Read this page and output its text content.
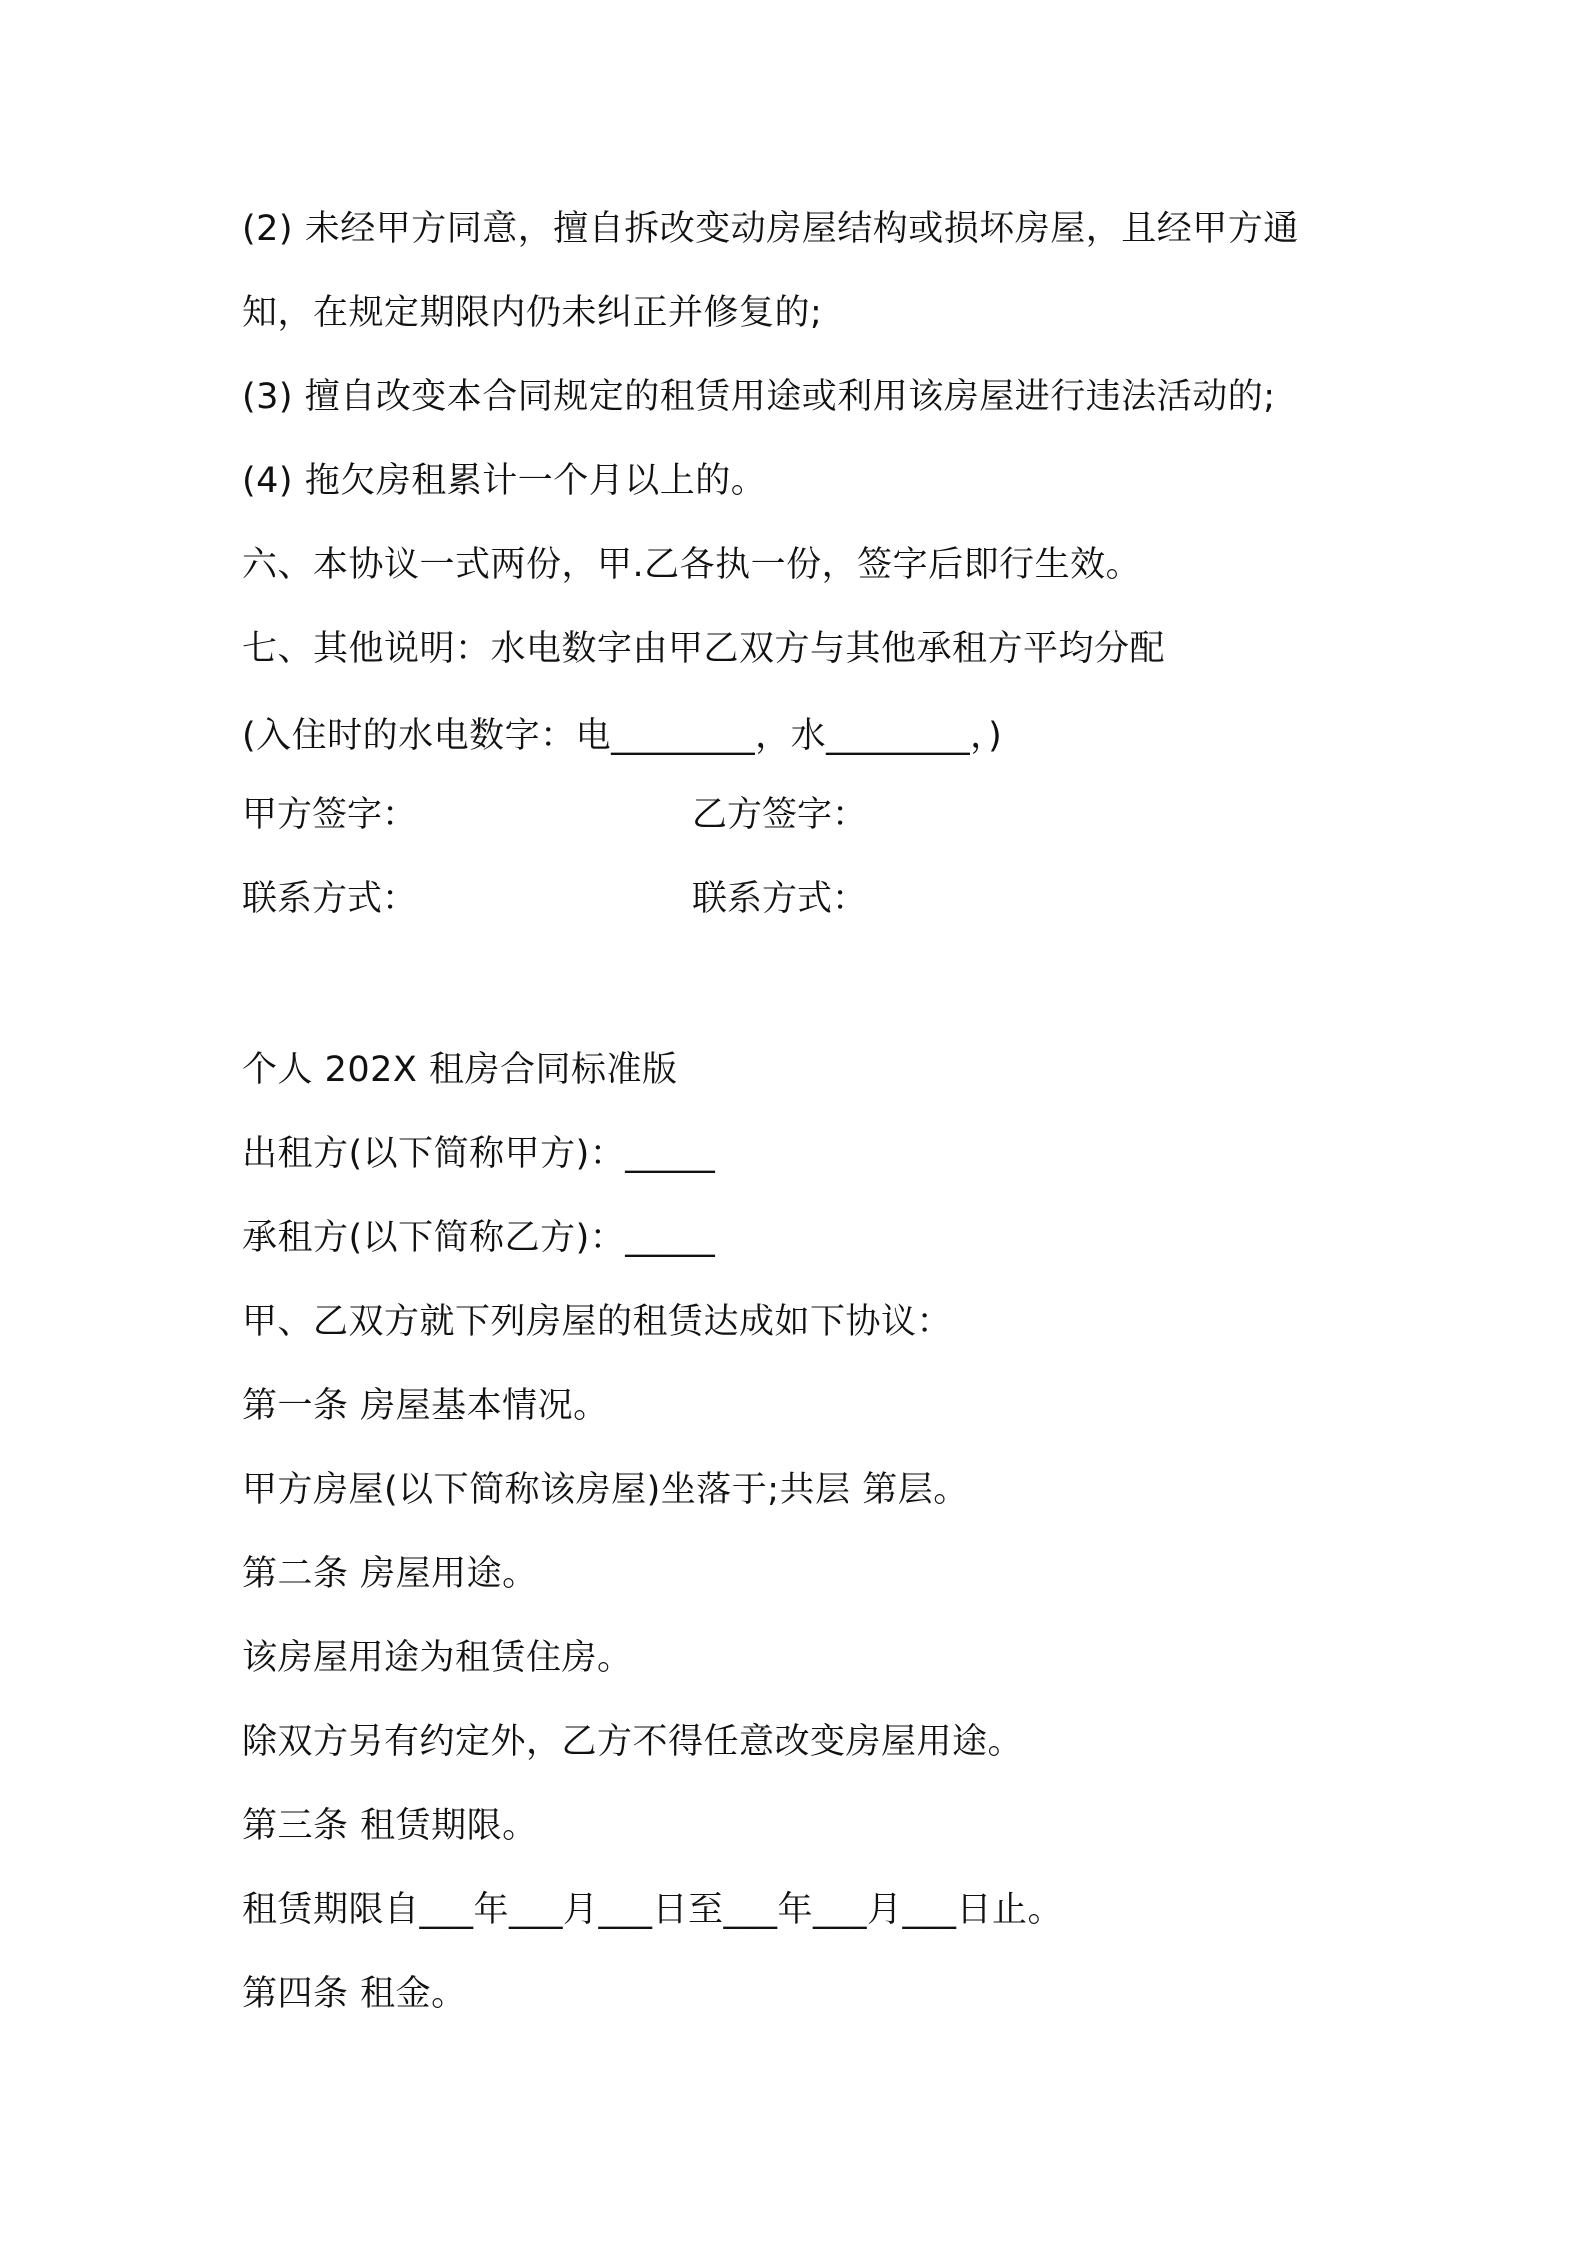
(2) 未经甲方同意，擅自拆改变动房屋结构或损坏房屋，且经甲方通
知，在规定期限内仍未纠正并修复的;
(3) 擅自改变本合同规定的租赁用途或利用该房屋进行违法活动的;
(4) 拖欠房租累计一个月以上的。
六、本协议一式两份，甲.乙各执一份，签字后即行生效。
七、其他说明：水电数字由甲乙双方与其他承租方平均分配
(入住时的水电数字：电________，水________，)
甲方签字：	乙方签字：
联系方式：	联系方式：
个人 202X 租房合同标准版
出租方(以下简称甲方)：_____
承租方(以下简称乙方)：_____
甲、乙双方就下列房屋的租赁达成如下协议：
第一条 房屋基本情况。
甲方房屋(以下简称该房屋)坐落于;共层 第层。
第二条 房屋用途。
该房屋用途为租赁住房。
除双方另有约定外，乙方不得任意改变房屋用途。
第三条 租赁期限。
租赁期限自___年___月___日至___年___月___日止。
第四条 租金。
